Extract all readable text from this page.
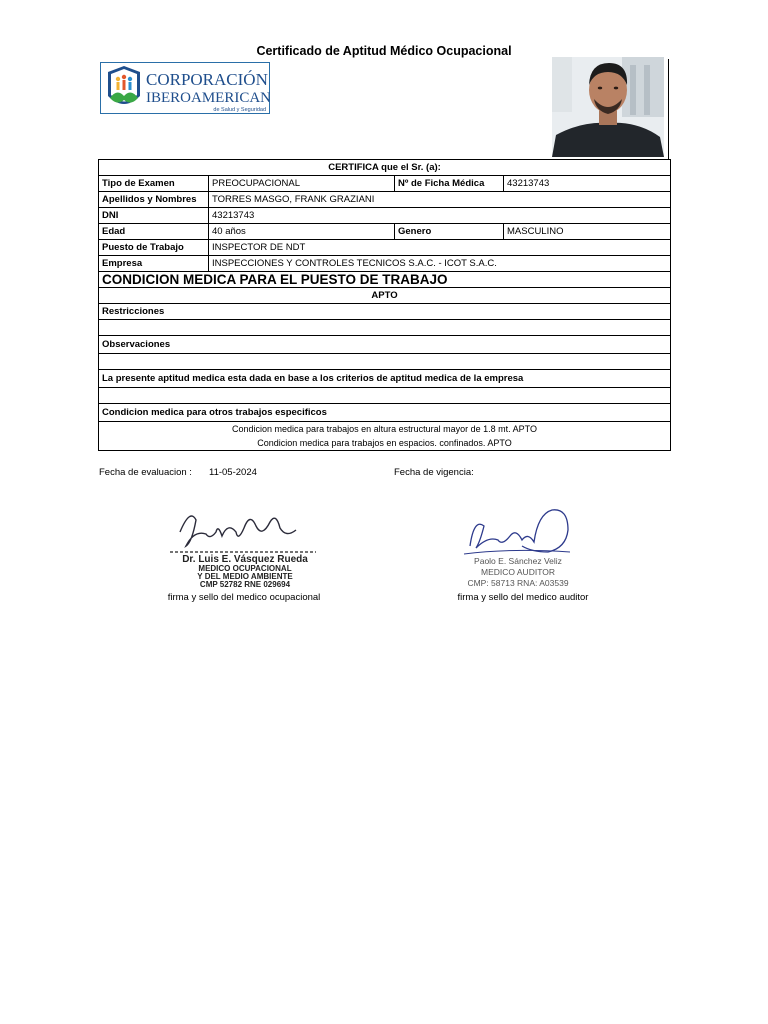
Certificado de Aptitud Médico Ocupacional
CORPORACIÓN
IBEROAMERICANA
de Salud y Seguridad
CERTIFICA que el Sr. (a):			
Tipo de Examen	PREOCUPACIONAL	Nº de Ficha Médica	43213743
Apellidos y Nombres	TORRES MASGO, FRANK GRAZIANI		
DNI	43213743		
Edad	40 años	Genero	MASCULINO
Puesto de Trabajo	INSPECTOR DE NDT		
Empresa	INSPECCIONES Y CONTROLES TECNICOS S.A.C. - ICOT S.A.C.		
CONDICION MEDICA PARA EL PUESTO DE TRABAJO			
APTO			
Restricciones			

Observaciones			

La presente aptitud medica esta dada en base a los criterios de aptitud medica de la empresa			

Condicion medica para otros trabajos especificos			

Condicion medica para trabajos en altura estructural mayor de 1.8 mt. APTO
Condicion medica para trabajos en espacios. confinados. APTO			
Fecha de evaluacion : 11-05-2024	Fecha de vigencia:
Dr. Luis E. Vásquez Rueda
MEDICO OCUPACIONAL
Y DEL MEDIO AMBIENTE
CMP 52782 RNE 029694
firma y sello del medico ocupacional
Paolo E. Sánchez Veliz
MEDICO AUDITOR
CMP: 58713 RNA: A03539
firma y sello del medico auditor
